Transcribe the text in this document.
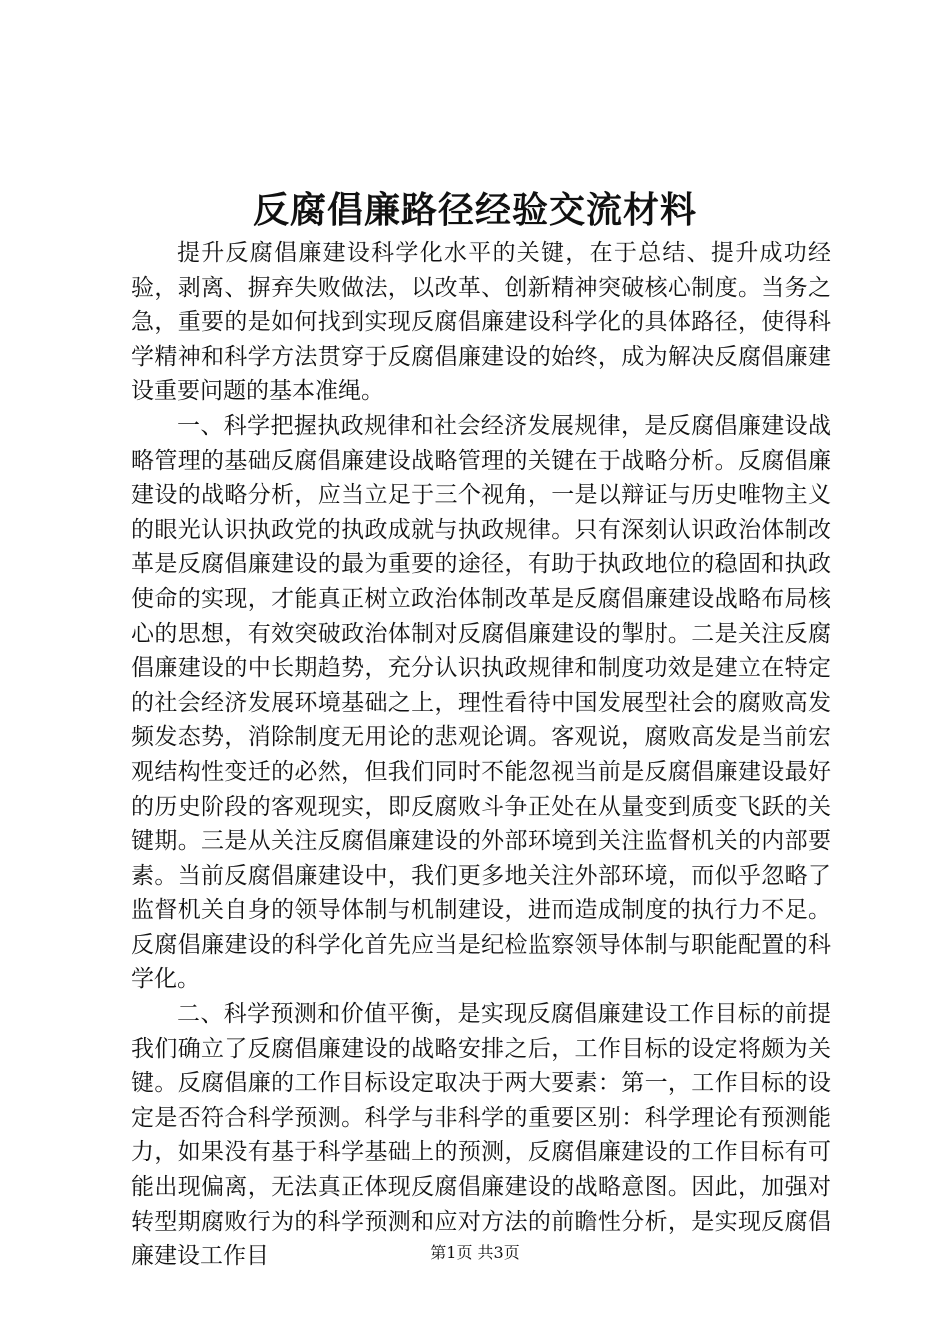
反腐倡廉路径经验交流材料

提升反腐倡廉建设科学化水平的关键，在于总结、提升成功经验，剥离、摒弃失败做法，以改革、创新精神突破核心制度。当务之急，重要的是如何找到实现反腐倡廉建设科学化的具体路径，使得科学精神和科学方法贯穿于反腐倡廉建设的始终，成为解决反腐倡廉建设重要问题的基本准绳。

一、科学把握执政规律和社会经济发展规律，是反腐倡廉建设战略管理的基础反腐倡廉建设战略管理的关键在于战略分析。反腐倡廉建设的战略分析，应当立足于三个视角，一是以辩证与历史唯物主义的眼光认识执政党的执政成就与执政规律。只有深刻认识政治体制改革是反腐倡廉建设的最为重要的途径，有助于执政地位的稳固和执政使命的实现，才能真正树立政治体制改革是反腐倡廉建设战略布局核心的思想，有效突破政治体制对反腐倡廉建设的掣肘。二是关注反腐倡廉建设的中长期趋势，充分认识执政规律和制度功效是建立在特定的社会经济发展环境基础之上，理性看待中国发展型社会的腐败高发频发态势，消除制度无用论的悲观论调。客观说，腐败高发是当前宏观结构性变迁的必然，但我们同时不能忽视当前是反腐倡廉建设最好的历史阶段的客观现实，即反腐败斗争正处在从量变到质变飞跃的关键期。三是从关注反腐倡廉建设的外部环境到关注监督机关的内部要素。当前反腐倡廉建设中，我们更多地关注外部环境，而似乎忽略了监督机关自身的领导体制与机制建设，进而造成制度的执行力不足。反腐倡廉建设的科学化首先应当是纪检监察领导体制与职能配置的科学化。

二、科学预测和价值平衡，是实现反腐倡廉建设工作目标的前提我们确立了反腐倡廉建设的战略安排之后，工作目标的设定将颇为关键。反腐倡廉的工作目标设定取决于两大要素：第一，工作目标的设定是否符合科学预测。科学与非科学的重要区别：科学理论有预测能力，如果没有基于科学基础上的预测，反腐倡廉建设的工作目标有可能出现偏离，无法真正体现反腐倡廉建设的战略意图。因此，加强对转型期腐败行为的科学预测和应对方法的前瞻性分析，是实现反腐倡廉建设工作目	第1页 共3页
